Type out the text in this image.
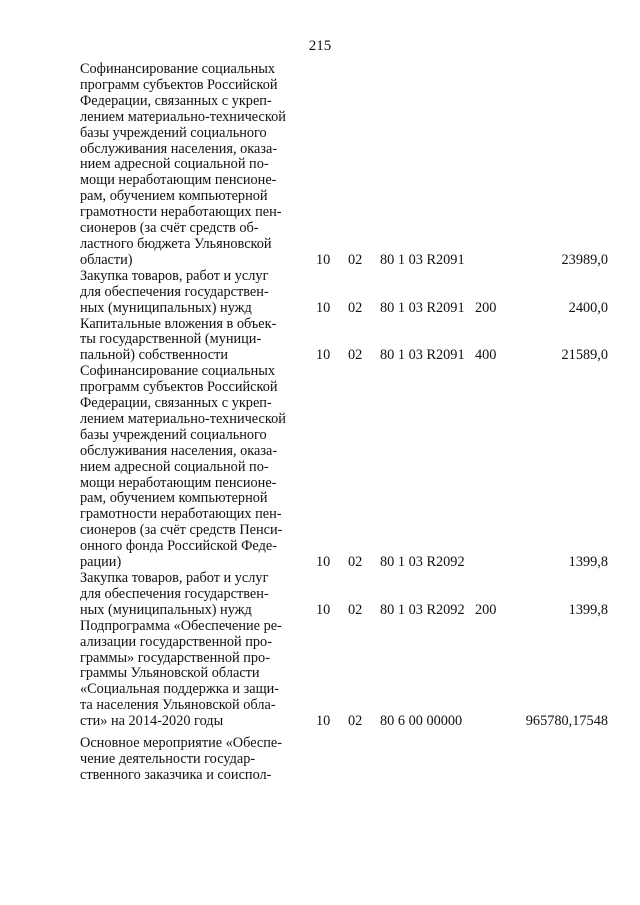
215
Софинансирование социальных
программ субъектов Российской
Федерации, связанных с укреп-
лением материально-технической
базы учреждений социального
обслуживания населения, оказа-
нием адресной социальной по-
мощи неработающим пенсионе-
рам, обучением компьютерной
грамотности неработающих пен-
сионеров (за счёт средств об-
ластного бюджета Ульяновской
области)	10 02 80 1 03 R2091	23989,0
Закупка товаров, работ и услуг
для обеспечения государствен-
ных (муниципальных) нужд	10 02 80 1 03 R2091 200	2400,0
Капитальные вложения в объек-
ты государственной (муници-
пальной) собственности	10 02 80 1 03 R2091 400	21589,0
Софинансирование социальных
программ субъектов Российской
Федерации, связанных с укреп-
лением материально-технической
базы учреждений социального
обслуживания населения, оказа-
нием адресной социальной по-
мощи неработающим пенсионе-
рам, обучением компьютерной
грамотности неработающих пен-
сионеров (за счёт средств Пенси-
онного фонда Российской Феде-
рации)	10 02 80 1 03 R2092	1399,8
Закупка товаров, работ и услуг
для обеспечения государствен-
ных (муниципальных) нужд	10 02 80 1 03 R2092 200	1399,8
Подпрограмма «Обеспечение ре-
ализации государственной про-
граммы» государственной про-
граммы Ульяновской области
«Социальная поддержка и защи-
та населения Ульяновской обла-
сти» на 2014-2020 годы	10 02 80 6 00 00000	965780,17548
Основное мероприятие «Обеспе-
чение деятельности государ-
ственного заказчика и соиспол-
